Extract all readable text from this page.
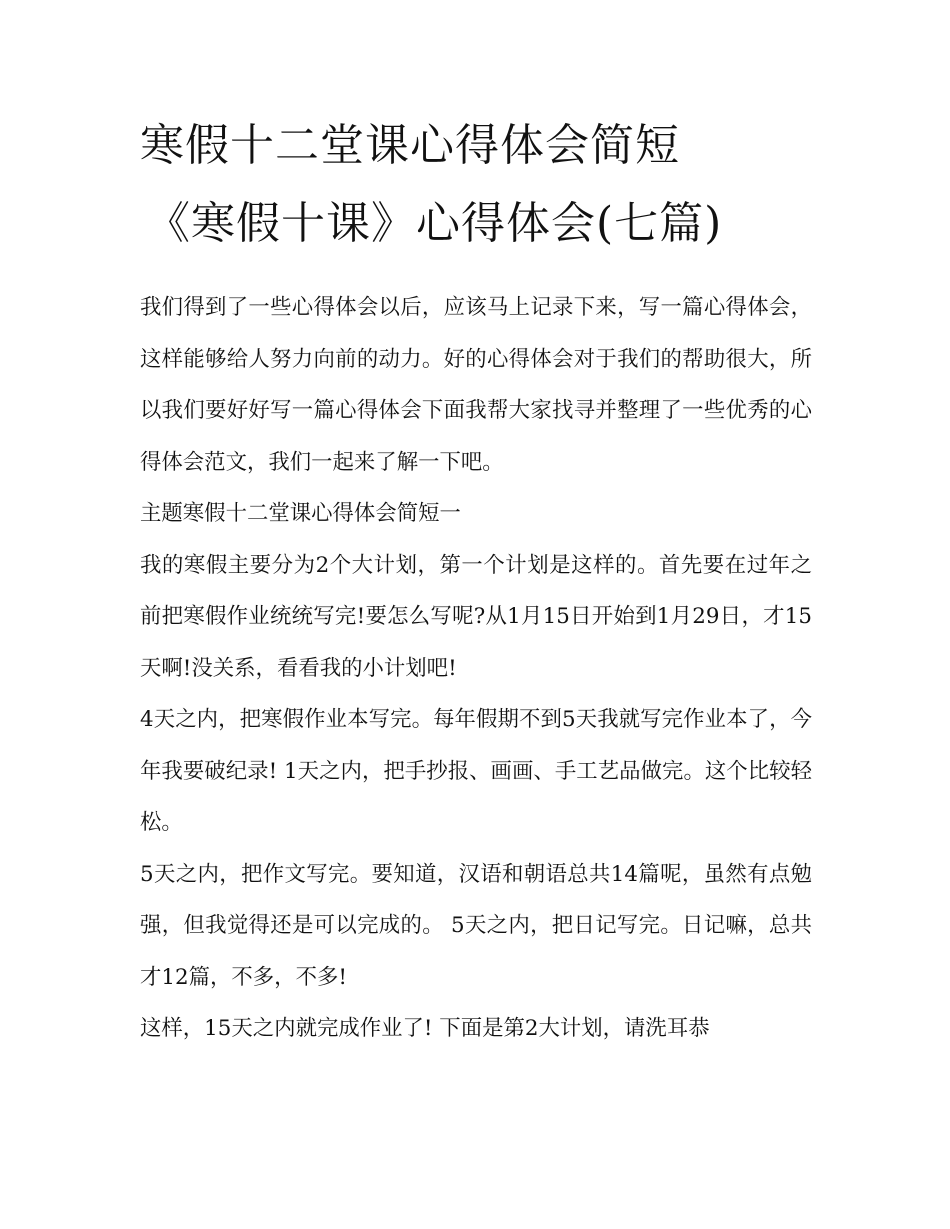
寒假十二堂课心得体会简短
《寒假十课》心得体会(七篇)

我们得到了一些心得体会以后，应该马上记录下来，写一篇心得体会，这样能够给人努力向前的动力。好的心得体会对于我们的帮助很大，所以我们要好好写一篇心得体会下面我帮大家找寻并整理了一些优秀的心得体会范文，我们一起来了解一下吧。

主题寒假十二堂课心得体会简短一

我的寒假主要分为2个大计划，第一个计划是这样的。首先要在过年之前把寒假作业统统写完!要怎么写呢?从1月15日开始到1月29日，才15天啊!没关系，看看我的小计划吧!

4天之内，把寒假作业本写完。每年假期不到5天我就写完作业本了，今年我要破纪录! 1天之内，把手抄报、画画、手工艺品做完。这个比较轻松。

5天之内，把作文写完。要知道，汉语和朝语总共14篇呢，虽然有点勉强，但我觉得还是可以完成的。 5天之内，把日记写完。日记嘛，总共才12篇，不多，不多!

这样，15天之内就完成作业了! 下面是第2大计划，请洗耳恭
